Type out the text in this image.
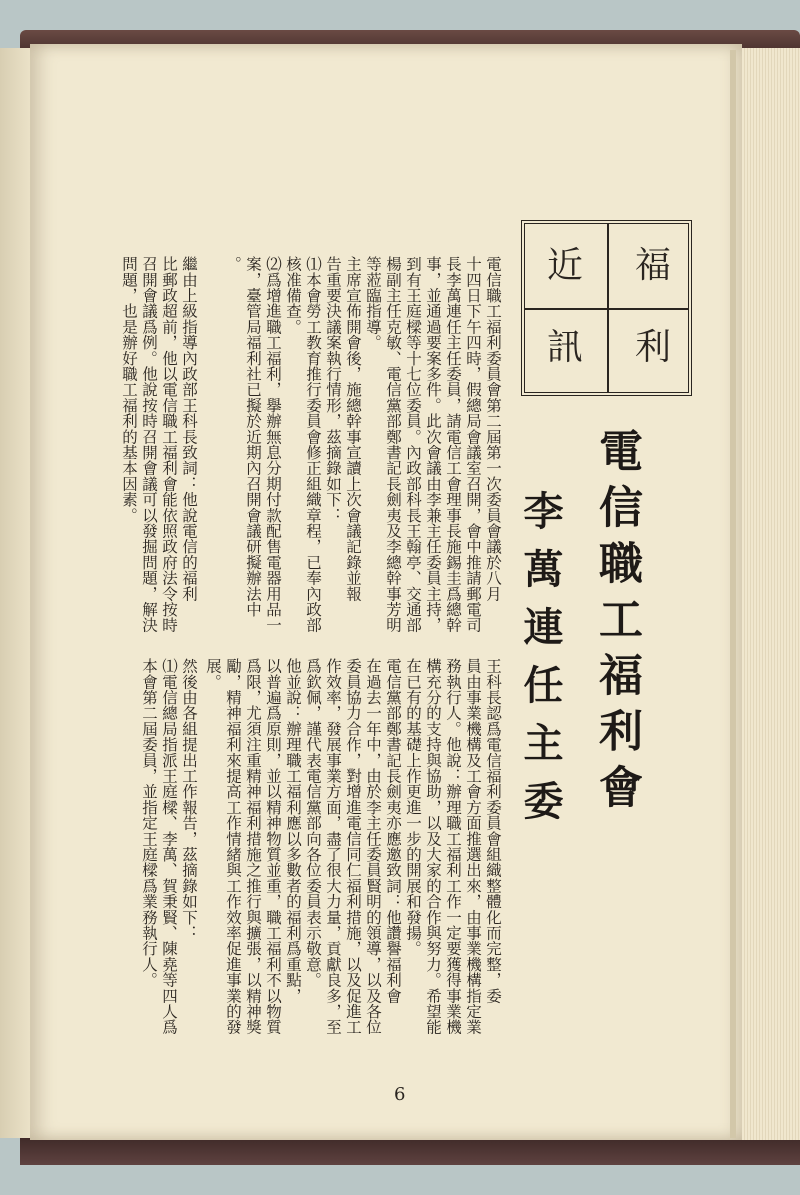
福
近
利
訊
電信職工福利會
李萬連任主委
電信職工福利委員會第二屆第一次委員會議於八月
十四日下午四時，假總局會議室召開，會中推請郵電司
長李萬連任主任委員，請電信工會理事長施錫圭爲總幹
事，並通過要案多件。此次會議由李兼主任委員主持，
到有王庭樑等十七位委員。內政部科長王翰亭、交通部
楊副主任克敏、電信黨部鄭書記長劍夷及李總幹事芳明
等蒞臨指導。
主席宣佈開會後，施總幹事宣讀上次會議記錄並報
告重要決議案執行情形，茲摘錄如下：
⑴本會勞工教育推行委員會修正組織章程，已奉內政部
核准備查。
⑵爲增進職工福利，擧辦無息分期付款配售電器用品一
案，臺管局福利社已擬於近期內召開會議研擬辦法中
。
繼由上級指導內政部王科長致詞：他說電信的福利
比郵政超前，他以電信職工福利會能依照政府法令按時
召開會議爲例。他說按時召開會議可以發掘問題，解決
問題，也是辦好職工福利的基本因素。
王科長認爲電信福利委員會組織整體化而完整，委
員由事業機構及工會方面推選出來，由事業機構指定業
務執行人。他說：辦理職工福利工作一定要獲得事業機
構充分的支持與協助，以及大家的合作與努力。希望能
在已有的基礎上作更進一步的開展和發揚。
電信黨部鄭書記長劍夷亦應邀致詞：他讚譽福利會
在過去一年中，由於李主任委員賢明的領導，以及各位
委員協力合作，對增進電信同仁福利措施，以及促進工
作效率，發展事業方面，盡了很大力量，貢獻良多，至
爲欽佩，謹代表電信黨部向各位委員表示敬意。
他並說：辦理職工福利應以多數者的福利爲重點，
以普遍爲原則，並以精神物質並重，職工福利不以物質
爲限，尤須注重精神福利措施之推行與擴張，以精神獎
勵，精神福利來提高工作情緒與工作效率促進事業的發
展。
然後由各組提出工作報告，茲摘錄如下：
⑴電信總局指派王庭樑、李萬、賀秉賢、陳堯等四人爲
本會第二屆委員，並指定王庭樑爲業務執行人。
6
